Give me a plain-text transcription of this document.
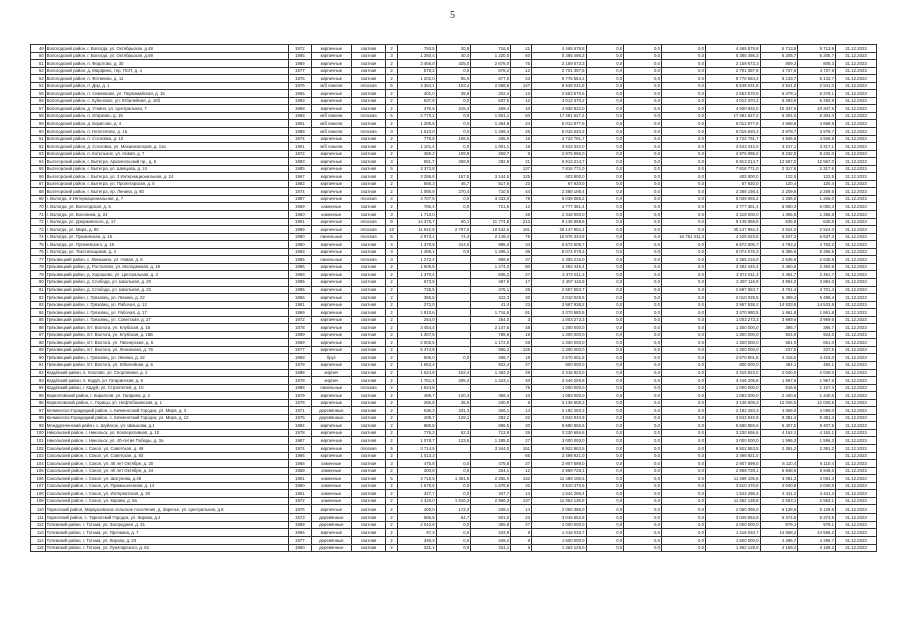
5
49	Вологодский район, г. Вологда, ул. Октябрьская, д.48	1972	кирпичные	скатная	2	793,5	20,9	716,6	21	4 465 579,8	0,0	0,0	0,0	4 465 579,8	5 713,9	5 713,9	31.12.2023
50	Вологодский район, г. Вологда, ул. Октябрьская, д.69	1985	кирпичные	скатная	3	1 260,4	40,4	1 220,0	60	5 385 495,3	0,0	0,0	0,0	5 385 495,3	6 205,7	6 205,7	31.12.2023
51	Вологодский район, п. Федотово, д. 30	1989	кирпичные	скатная	2	3 466,0	425,0	2 676,0	75	2 159 573,3	0,0	0,0	0,0	2 159 573,3	809,3	809,3	31.12.2023
52	Вологодский район, д. Марфино, тер. ПСП, д. 4	1977	кирпичные	скатная	2	578,2	0,0	578,2	12	2 701 397,8	0,0	0,0	0,0	2 701 397,8	4 737,6	4 737,6	31.12.2023
53	Вологодский район, п. Фетинино, д. 11	1976	кирпичные	скатная	2	1 202,0	95,0	677,0	23	9 776 554,2	0,0	0,0	0,0	9 776 554,2	8 133,7	8 133,7	31.12.2023
54	Вологодский район, п. Дор, д. 1	1976	м/б панели	плоская	5	3 364,1	103,4	2 658,6	147	8 548 031,8	0,0	0,0	0,0	8 548 031,8	2 541,0	2 541,0	31.12.2023
55	Вологодский район, п. Семенково, ул. Первомайская, д. 15	1966	кирпичные	скатная	2	401,0	35,9	202,4	12	2 553 570,5	0,0	0,0	0,0	2 553 570,5	6 379,1	6 379,1	31.12.2023
56	Вологодский район, с. Кубенское, ул. Юбилейная, д. 16б	1983	кирпичные	скатная	2	637,5	0,0	637,5	12	4 012 370,2	0,0	0,0	0,0	4 012 370,2	6 293,9	6 293,9	31.12.2023
57	Вологодский район, д. Уткино, ул. Центральная, 7	1968	кирпичные	скатная	2	476,6	215,3	259,4	10	4 930 932,0	0,0	0,0	0,0	4 930 932,0	10 347,5	10 347,5	31.12.2023
58	Вологодский район, п. Огарково, д. 15	1968	м/б панели	плоская	5	2 770,2	0,0	1 801,1	60	17 491 627,2	0,0	0,0	0,0	17 491 627,2	6 304,0	6 304,0	31.12.2023
59	Вологодский район, д. Борисово, д. 4	1991	м/б панели	скатная	2	1 285,5	0,0	1 254,9	24	6 012 877,6	0,0	0,0	0,0	6 012 877,6	4 668,8	4 668,8	31.12.2023
60	Вологодский район, п. Непотягово, д. 15	1988	м/б панели	плоская	3	1 510,0	0,0	1 269,4	26	6 015 620,2	0,0	0,0	0,0	6 015 620,2	3 978,7	3 978,7	31.12.2023
61	Вологодский район, п. Сосновка, д. 10	1974	кирпичные	скатная	2	778,9	108,0	405,0	16	3 722 791,7	0,0	0,0	0,0	3 722 791,7	4 926,9	4 926,9	31.12.2023
62	Вологодский район, д. Сосновка, ул. Механизаторов, д. 11а	1991	м/б панели	скатная	2	1 101,4	0,0	1 001,1	18	3 543 342,0	0,0	0,0	0,0	3 543 342,0	3 217,1	3 217,1	31.12.2023
63	Вологодский район, п. Котельное, ул. Новая, д. 7	1972	кирпичные	скатная	2	369,2	109,8	259,7	8	2 975 995,0	0,0	0,0	0,0	2 975 995,0	8 232,0	8 232,0	31.12.2023
64	Вытегорский район, г. Вытегра, Архангельский пр., д. 6	1983	кирпичные	скатная	3	551,7	268,9	282,8	21	6 913 214,7	0,0	0,0	0,0	6 913 214,7	12 567,0	12 567,0	31.12.2023
65	Вытегорский район, г. Вытегра, ул. Шевцова, д. 24	1985	кирпичные	скатная	5	3 372,8			137	7 816 771,0	0,0	0,0	0,0	7 816 771,0	2 317,6	2 317,6	31.12.2023
66	Вытегорский район, г. Вытегра, ул. 3 Интернациональная, д. 24	1967	кирпичные	скатная	2	3 256,8	157,5	3 144,5	125	403 800,0	0,0	0,0	0,0	403 800,0	122,5	122,5	31.12.2023
67	Вытегорский район, г. Вытегра, ул. Пролетарская, д. 5	1983	кирпичные	скатная	2	566,3	46,7	517,6	22	67 920,0	0,0	0,0	0,0	67 920,0	120,4	120,4	31.12.2023
68	Вытегорский район, г. Вытегра, пр. Ленина, д. 80	1974	кирпичные	скатная	2	1 080,9	270,4	710,5	44	2 388 198,4	0,0	0,0	0,0	2 388 198,4	2 209,5	2 209,5	31.12.2023
69	г. Вологда, 3-Интернациональная, д. 7	1987	кирпичные	плоская	4	4 707,5	0,0	3 433,0	79	6 039 065,2	0,0	0,0	0,0	6 039 065,2	1 266,0	1 266,0	31.12.2023
70	г. Вологда, ул. Вологодская, д. 5	1959	каменные	скатная	2	786,4	0,0	721,8	12	4 777 361,4	0,0	0,0	0,0	4 777 361,4	6 050,3	6 050,3	31.12.2023
71	г. Вологда, ул. Болонина, д. 24	1960	каменные	скатная	3	1 710,0			46	2 318 000,0	0,0	0,0	0,0	2 318 000,0	1 355,8	1 355,8	31.12.2023
72	г. Вологда, ул. Дзержинского, д. 17	1991	кирпичные	плоская	9	14 375,7	60,1	11 774,8	213	9 145 958,6	0,0	0,0	0,0	9 145 958,6	635,8	635,8	31.12.2023
73	г. Вологда, ул. Мира, д. 80	1989	кирпичные	плоская	10	11 942,8	2 767,0	10 542,5	191	30 147 852,4	0,0	0,0	0,0	30 147 852,4	2 524,0	2 524,0	31.12.2023
74	г. Вологда, ул. Пушкинская, д. 16	1980	панельные	плоская	5	2 973,1	74,4	2 149,4	75	16 976 334,8	0,0	0,0	16 751 311,3	4 225 023,5	5 637,3	5 637,3	31.12.2023
75	г. Вологда, ул. Пугачевского, д. 18	1960	кирпичные	скатная	4	1 379,9	314,0	995,3	34	6 572 505,7	0,0	0,0	0,0	6 572 505,7	4 763,2	4 763,2	31.12.2023
76	г. Вологда, ул. Текстильщиков, д. 4	1958	кирпичные	скатная	3	1 496,1	0,0	1 496,1	36	8 074 078,3	0,0	0,0	0,0	8 074 078,3	5 396,5	5 396,5	31.12.2023
77	Грязовецкий район, с. Минькино, ул. Новая, д. 8	1985	панельные	плоская	3	1 272,4		889,9	37	2 355 216,0	0,0	0,0	0,0	2 355 216,0	2 635,9	2 635,9	31.12.2023
78	Грязовецкий район, д. Ростилово, ул. Молодежная, д. 19	1986	кирпичные	скатная	2	1 505,5		1 274,0	80	3 382 445,4	0,0	0,0	0,0	3 382 445,4	2 460,8	2 460,8	31.12.2023
79	Грязовецкий район, д. Хорошево, ул. Центральная, д. 3	1968	кирпичные	скатная	2	1 370,4		835,2	27	3 372 511,3	0,0	0,0	0,0	3 372 511,3	2 461,7	2 461,7	31.12.2023
80	Грязовецкий район, д. Слобода, ул. Школьная, д. 20	1985	кирпичные	скатная	2	673,5		467,9	17	2 497 116,9	0,0	0,0	0,0	2 497 116,9	3 894,0	3 894,0	31.12.2023
81	Грязовецкий район, д. Слобода, ул. Школьная, д. 22	1985	кирпичные	скатная	2	728,5		476,1	26	2 697 553,7	0,0	0,0	0,0	2 697 553,7	3 701,4	3 701,4	31.12.2023
82	Грязовецкий район, г. Грязовец, ул. Ленина, д. 22	1956	кирпичные	скатная	2	365,5		342,3	20	2 010 029,5	0,0	0,0	0,0	2 010 029,5	5 499,4	5 499,4	31.12.2023
83	Грязовецкий район, г. Грязовец, ул. Рабочая, д. 12	1981	кирпичные	скатная	2	272,0		41,4	23	3 967 938,2	0,0	0,0	0,0	3 967 938,2	14 533,8	14 533,8	31.12.2023
84	Грязовецкий район, г. Грязовец, ул. Рабочая, д. 17	1969	кирпичные	скатная	2	1 810,6		1 716,9	81	3 370 980,5	0,0	0,0	0,0	3 370 980,5	1 861,8	1 861,8	31.12.2023
85	Грязовецкий район, г. Грязовец, ул. Советская, д. 27	1972	кирпичные	скатная	2	254,0		254,0	3	1 003 273,3	0,0	0,0	0,0	1 003 273,3	3 969,6	3 969,6	31.12.2023
86	Грязовецкий район, пгт. Вохтога, ул. Клубская, д. 16	1978	кирпичные	скатная	2	3 454,4		2 147,6	48	1 300 000,0	0,0	0,0	0,0	1 300 000,0	386,7	386,7	31.12.2023
87	Грязовецкий район, пгт. Вохтога, ул. Клубская, д. 18Б	1989	кирпичные	скатная	2	1 407,5		789,6	19	1 300 000,0	0,0	0,0	0,0	1 300 000,0	924,0	924,0	31.12.2023
88	Грязовецкий район, пгт. Вохтога, ул. Пионерская, д. 6	1959	кирпичные	скатная	2	2 005,6		1 172,0	28	1 300 000,0	0,0	0,0	0,0	1 300 000,0	651,0	651,0	31.12.2023
89	Грязовецкий район, пгт. Вохтога, ул. Ленинская, д. 76	1977	кирпичные	скатная	2	5 474,8		555,3	125	1 300 000,0	0,0	0,0	0,0	1 300 000,0	237,5	237,5	31.12.2023
90	Грязовецкий район, г. Грязовец, ул. Ленина, д. 32	1958	брус	скатная	2	606,0	0,0	465,7	18	2 670 601,8	0,0	0,0	0,0	2 670 601,8	4 415,0	4 415,0	31.12.2023
91	Грязовецкий район, пгт. Вохтога, ул. Юбилейная, д. 6	1979	кирпичные	скатная	2	1 652,4		922,4	27	800 000,0	0,0	0,0	0,0	800 000,0	484,1	484,1	31.12.2023
92	Кадуйский район, п. Хохлово, ул. Спортивная, д. 2	1988	кирпич	скатная	2	1 624,8	152,4	1 492,2	29	3 315 923,0	0,0	0,0	0,0	3 315 923,0	2 040,0	2 040,0	31.12.2023
93	Кадуйский район, п. Кадуй, ул. Гагаринская, д. 6	1978	кирпич	скатная	2	1 751,4	205,2	1 423,1	40	3 446 206,8	0,0	0,0	0,0	3 446 206,8	1 967,6	1 967,6	31.12.2023
94	Кадуйский район, г. Кадуй, ул. Строителей, д. 10	1988	панельные	плоская	2	1 624,8			75	1 000 000,0	0,0	0,0	0,0	1 000 000,0	615,5	1 107,3	31.12.2023
95	Кирилловский район, г. Кириллов, ул. Гагарина, д. 2	1979	кирпичные	скатная	2	489,7	120,3	369,4	10	1 083 000,0	0,0	0,0	0,0	1 083 000,0	2 440,6	1 440,6	31.12.2023
96	Кирилловский район, с. Горицы, ул. Нефтебазовская, д. 1	1978	кирпичные	скатная	2	266,8	35,9	230,9	8	3 136 508,3	0,0	0,0	0,0	3 136 508,3	12 026,5	12 026,5	31.12.2023
97	Кичменгско-Городецкий район, с. Кичменгский Городок, ул. Мира, д. 3	1971	деревянные	скатная	2	536,3	231,3	326,1	14	2 182 293,3	0,0	0,0	0,0	2 182 293,3	4 069,0	4 069,0	31.12.2023
98	Кичменгско-Городецкий район, с. Кичменгский Городок, ул. Мира, д. 12	1975	деревянные	скатная	2	409,7	129,1	383,2	22	3 843 940,9	0,0	0,0	0,0	3 843 940,9	9 381,4	9 381,4	31.12.2023
99	Междуреченский район, с. Шуйское, ул. Шмыкова, д.1	1984	кирпичные	скатная	2	886,5		886,5	20	5 680 856,6	0,0	0,0	0,0	5 680 856,6	6 407,5	6 407,5	31.12.2023
100	Никольский район, г. Никольск, ул. Кооперативная, д. 10	1978	кирпичные	скатная	2	776,2	62,3	713,9	26	3 230 656,6	0,0	0,0	0,0	3 230 656,6	4 162,1	4 162,1	31.12.2023
101	Никольский район, г. Никольск, ул. 40-летия Победы, д. 3а	1987	кирпичные	скатная	2	1 078,7	123,5	1 285,0	27	3 000 000,0	0,0	0,0	0,0	3 000 000,0	1 596,3	1 596,3	31.12.2023
102	Сокольский район, г. Сокол, ул. Советская, д. 49	1974	кирпичные	плоская	5	3 714,9		3 344,0	151	8 922 863,5	0,0	0,0	0,0	8 922 863,5	2 391,2	2 391,2	31.12.2023
103	Сокольский район, г. Сокол, ул. Советская, д. 93	1966	кирпичные	скатная	2	1 013,3			65	2 498 921,0	0,0	0,0	0,0	2 498 921,0			31.12.2023
104	Сокольский район, г. Сокол, ул. 40 лет Октября, д. 20	1966	каменные	скатная	3	475,8	0,0	475,8	27	2 907 599,0	0,0	0,0	0,0	2 907 599,0	6 110,4	6 110,4	31.12.2023
105	Сокольский район, г. Сокол, ул. 40 лет Октября, д. 24	1958	каменные	скатная	2	300,8	0,0	204,1	12	2 969 728,1	0,0	0,0	0,0	2 969 728,1	5 948,6	5 948,6	31.12.2023
106	Сокольский район, г. Сокол, ул. Шатунова, д.49	1961	каменные	скатная	5	3 716,8	1 461,8	2 255,0	132	11 489 105,5	0,0	0,0	0,0	11 489 105,5	3 091,3	3 091,3	31.12.2023
107	Сокольский район, г. Сокол, ул. Промышленная, д. 14	1960	каменные	скатная	2	1 678,6	0,0	1 676,6	32	3 510 470,6	0,0	0,0	0,0	3 510 470,6	2 040,8	2 040,8	31.12.2023
108	Сокольский район, г. Сокол, ул. Интернатская, д. 20	1961	каменные	скатная	2	347,7	0,0	347,7	14	1 544 295,4	0,0	0,0	0,0	1 544 295,4	4 441,2	4 441,2	31.12.2023
109	Сокольский район, г. Сокол, ул. Кирова, д. 5а	1972	каменные	скатная	2	4 426,0	1 816,3	2 966,3	137	11 362 138,8	0,0	0,0	0,0	11 362 138,8	2 563,1	2 563,1	31.12.2023
110	Тарногский район, Маркушевское сельское поселение, д. Заречье, ул. Центральная, д.8	1976	кирпичные	скатная	2	400,0	172,3	228,1	14	2 050 396,0	0,0	0,0	0,0	2 050 396,0	5 128,6	5 128,6	31.12.2023
111	Тарногский район, с. Тарногский Городок, ул. Кирова, д.4	1973	деревянные	скатная	2	586,5	64,7	501,0	23	3 045 552,8	0,0	0,0	0,0	3 045 552,8	5 374,5	5 374,5	31.12.2023
112	Тотемский район, г. Тотьма, ул. Загородная, д. 31	1989	деревянные	скатная	2	2 042,6	0,0	365,8	27	2 000 000,0	0,0	0,0	0,0	2 000 000,0	979,1	979,1	31.12.2023
113	Тотемский район, г. Тотьма, ул. Ярочкина, д. 7	1966	кирпичные	скатная	2	97,2	0,0	343,9	9	1 416 033,7	0,0	0,0	0,0	1 416 033,7	14 568,2	14 568,2	31.12.2023
114	Тотемский район, г. Тотьма, ул. Кирова, д. 23	1977	деревянные	скатная	2	349,2	0,0	349,2	8	1 500 000,0	0,0	0,0	0,0	1 500 000,0	4 296,7	4 296,7	31.12.2023
115	Тотемский район, г. Тотьма, ул. Луначарского, д. 63	1960	деревянные	скатная	2	331,1	0,0	331,1	9	1 362 129,0	0,0	0,0	0,0	1 362 129,0	4 169,2	4 169,2	31.12.2023
